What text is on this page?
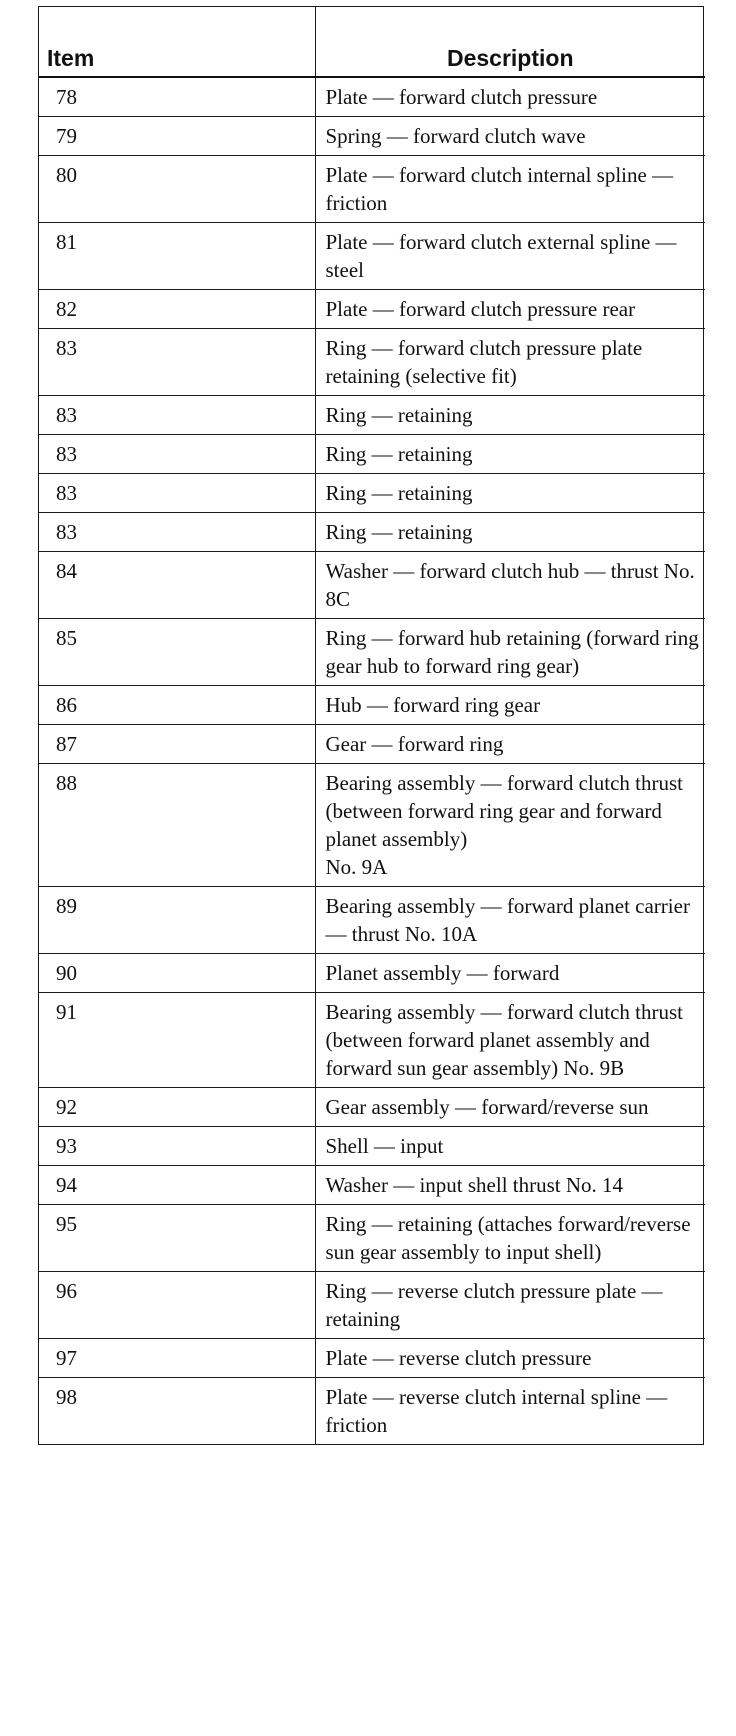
Item	Description
78	Plate — forward clutch pressure

79	Spring — forward clutch wave

80	Plate — forward clutch internal spline — friction

81	Plate — forward clutch external spline — steel

82	Plate — forward clutch pressure rear

83	Ring — forward clutch pressure plate retaining (selective fit)

83	Ring — retaining

83	Ring — retaining

83	Ring — retaining

83	Ring — retaining

84	Washer — forward clutch hub — thrust No. 8C

85	Ring — forward hub retaining (forward ring gear hub to forward ring gear)

86	Hub — forward ring gear

87	Gear — forward ring

88	Bearing assembly — forward clutch thrust (between forward ring gear and forward planet assembly)
No. 9A

89	Bearing assembly — forward planet carrier — thrust No. 10A

90	Planet assembly — forward

91	Bearing assembly — forward clutch thrust (between forward planet assembly and forward sun gear assembly) No. 9B

92	Gear assembly — forward/reverse sun

93	Shell — input

94	Washer — input shell thrust No. 14

95	Ring — retaining (attaches forward/reverse sun gear assembly to input shell)

96	Ring — reverse clutch pressure plate — retaining

97	Plate — reverse clutch pressure

98	Plate — reverse clutch internal spline — friction
